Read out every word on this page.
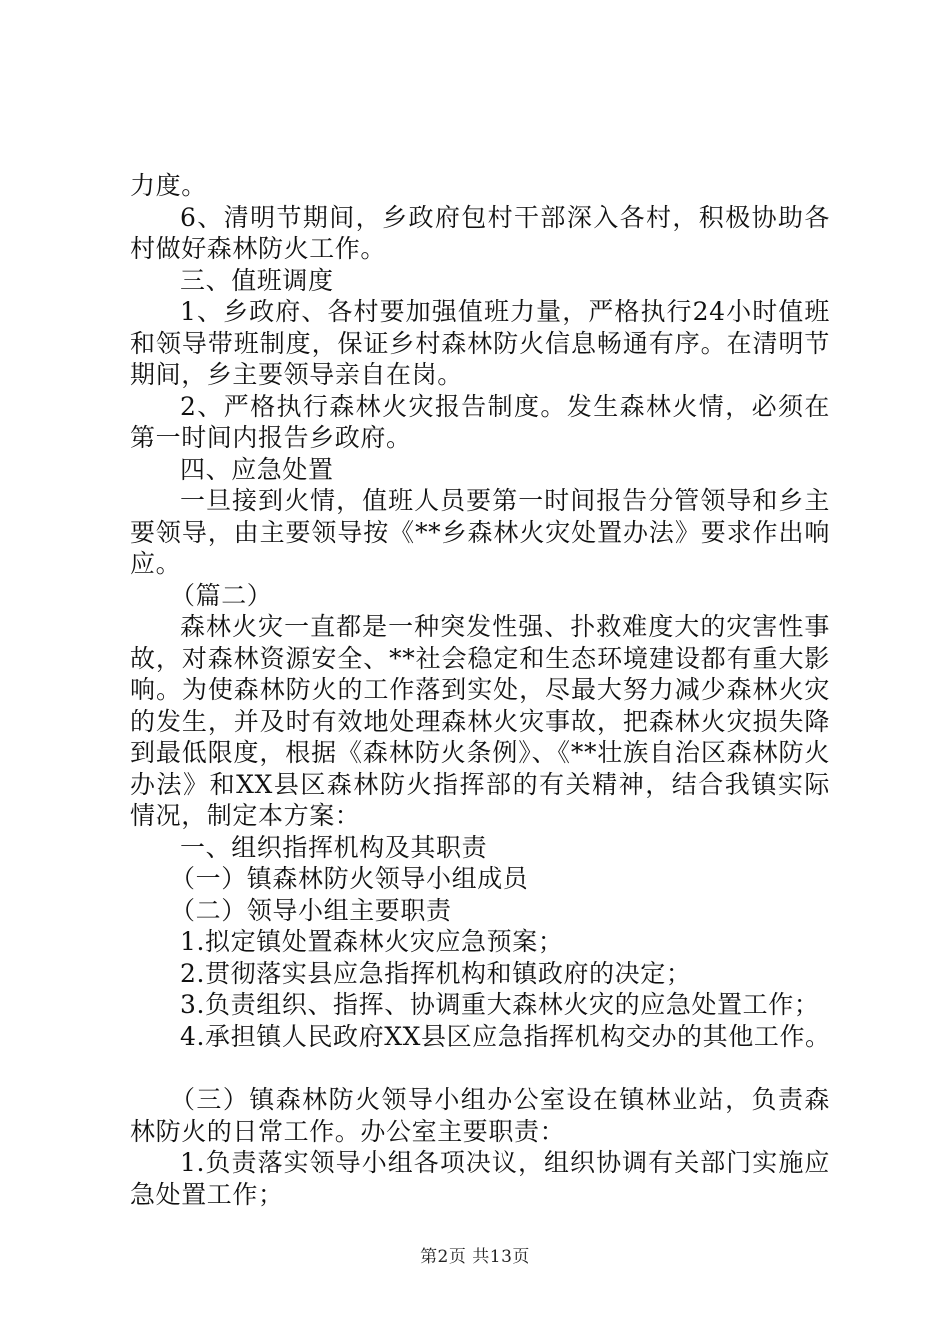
力度。

6、清明节期间，乡政府包村干部深入各村，积极协助各村做好森林防火工作。

三、值班调度

1、乡政府、各村要加强值班力量，严格执行24小时值班和领导带班制度，保证乡村森林防火信息畅通有序。在清明节期间，乡主要领导亲自在岗。

2、严格执行森林火灾报告制度。发生森林火情，必须在第一时间内报告乡政府。

四、应急处置

一旦接到火情，值班人员要第一时间报告分管领导和乡主要领导，由主要领导按《**乡森林火灾处置办法》要求作出响应。

（篇二）

森林火灾一直都是一种突发性强、扑救难度大的灾害性事故，对森林资源安全、**社会稳定和生态环境建设都有重大影响。为使森林防火的工作落到实处，尽最大努力减少森林火灾的发生，并及时有效地处理森林火灾事故，把森林火灾损失降到最低限度，根据《森林防火条例》、《**壮族自治区森林防火办法》和XX县区森林防火指挥部的有关精神，结合我镇实际情况，制定本方案：

一、组织指挥机构及其职责

（一）镇森林防火领导小组成员

（二）领导小组主要职责

1.拟定镇处置森林火灾应急预案；

2.贯彻落实县应急指挥机构和镇政府的决定；

3.负责组织、指挥、协调重大森林火灾的应急处置工作；

4.承担镇人民政府XX县区应急指挥机构交办的其他工作。

（三）镇森林防火领导小组办公室设在镇林业站，负责森林防火的日常工作。办公室主要职责：

1.负责落实领导小组各项决议，组织协调有关部门实施应急处置工作；

第2页 共13页
